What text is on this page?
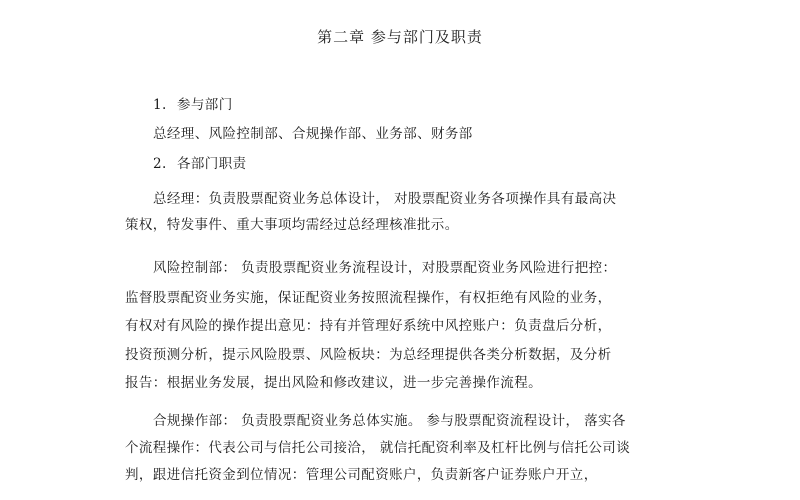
第二章 参与部门及职责
1. 参与部门
总经理、风险控制部、合规操作部、业务部、财务部
2. 各部门职责
总经理：负责股票配资业务总体设计， 对股票配资业务各项操作具有最高决
策权，特发事件、重大事项均需经过总经理核准批示。
风险控制部： 负责股票配资业务流程设计，对股票配资业务风险进行把控：
监督股票配资业务实施，保证配资业务按照流程操作，有权拒绝有风险的业务，
有权对有风险的操作提出意见：持有并管理好系统中风控账户：负责盘后分析，
投资预测分析，提示风险股票、风险板块：为总经理提供各类分析数据，及分析
报告：根据业务发展，提出风险和修改建议，进一步完善操作流程。
合规操作部： 负责股票配资业务总体实施。 参与股票配资流程设计， 落实各
个流程操作：代表公司与信托公司接洽， 就信托配资利率及杠杆比例与信托公司谈
判，跟进信托资金到位情况：管理公司配资账户，负责新客户证券账户开立，
